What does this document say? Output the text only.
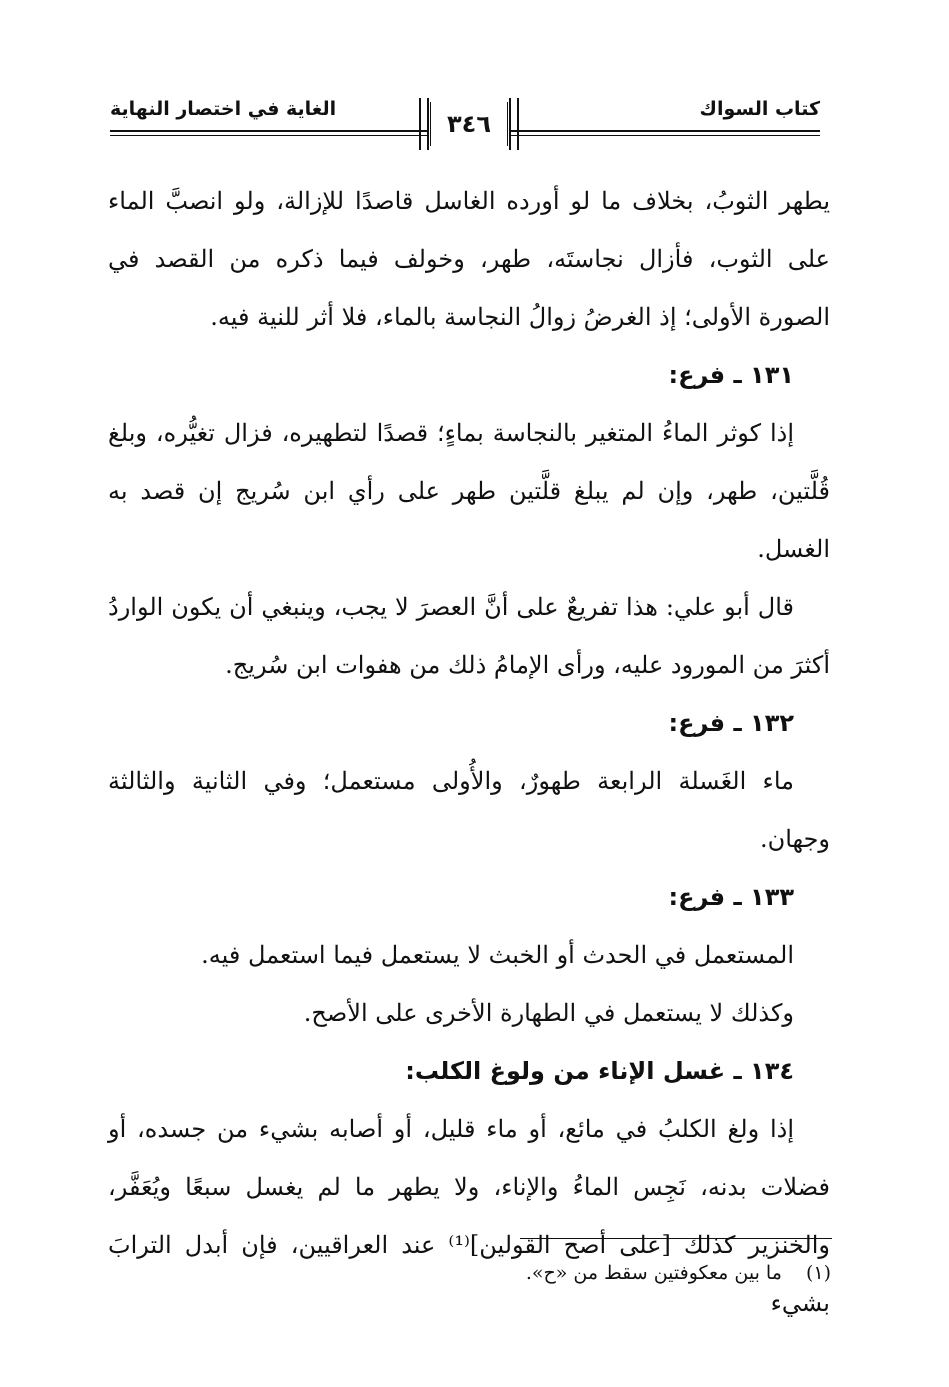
كتاب السواك
الغاية في اختصار النهاية
٣٤٦

يطهر الثوبُ، بخلاف ما لو أورده الغاسل قاصدًا للإزالة، ولو انصبَّ الماء على الثوب، فأزال نجاستَه، طهر، وخولف فيما ذكره من القصد في الصورة الأولى؛ إذ الغرضُ زوالُ النجاسة بالماء، فلا أثر للنية فيه.

١٣١ ـ فرع:

إذا كوثر الماءُ المتغير بالنجاسة بماءٍ؛ قصدًا لتطهيره، فزال تغيُّره، وبلغ قُلَّتين، طهر، وإن لم يبلغ قلَّتين طهر على رأي ابن سُريج إن قصد به الغسل.

قال أبو علي: هذا تفريعٌ على أنَّ العصرَ لا يجب، وينبغي أن يكون الواردُ أكثرَ من المورود عليه، ورأى الإمامُ ذلك من هفوات ابن سُريج.

١٣٢ ـ فرع:

ماء الغَسلة الرابعة طهورٌ، والأُولى مستعمل؛ وفي الثانية والثالثة وجهان.

١٣٣ ـ فرع:

المستعمل في الحدث أو الخبث لا يستعمل فيما استعمل فيه.

وكذلك لا يستعمل في الطهارة الأخرى على الأصح.

١٣٤ ـ غسل الإناء من ولوغ الكلب:

إذا ولغ الكلبُ في مائع، أو ماء قليل، أو أصابه بشيء من جسده، أو فضلات بدنه، نَجِس الماءُ والإناء، ولا يطهر ما لم يغسل سبعًا ويُعَفَّر، والخنزير كذلك [على أصح القولين]⁽¹⁾ عند العراقيين، فإن أبدل الترابَ بشيء

(١) ما بين معكوفتين سقط من «ح».
